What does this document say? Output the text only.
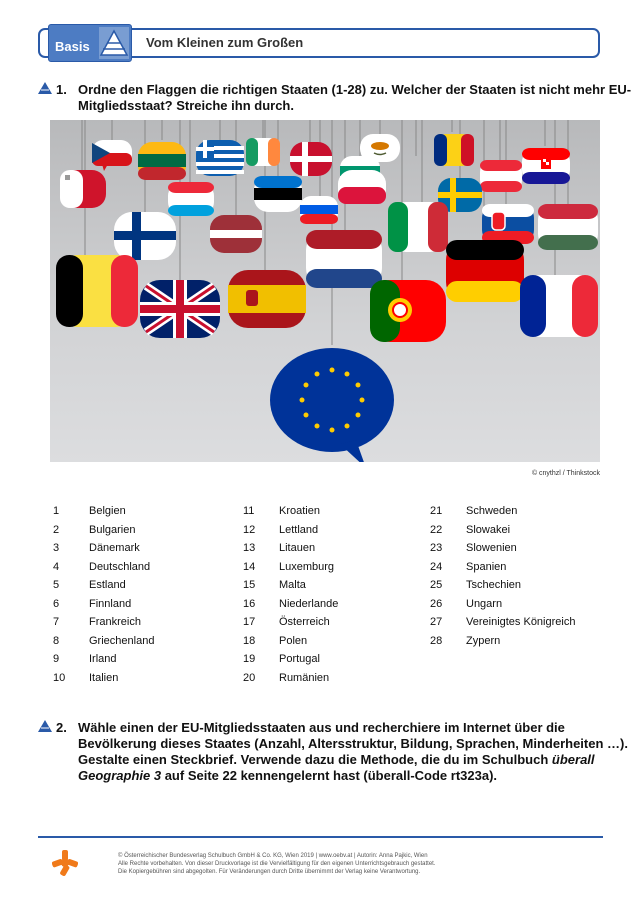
Basis	Vom Kleinen zum Großen
1. Ordne den Flaggen die richtigen Staaten (1-28) zu. Welcher der Staaten ist nicht mehr EU-Mitgliedsstaat? Streiche ihn durch.
© cnythzl / Thinkstock
1	Belgien
2	Bulgarien
3	Dänemark
4	Deutschland
5	Estland
6	Finnland
7	Frankreich
8	Griechenland
9	Irland
10 Italien
11 Kroatien
12 Lettland
13 Litauen
14 Luxemburg
15 Malta
16 Niederlande
17 Österreich
18 Polen
19 Portugal
20 Rumänien
21 Schweden
22 Slowakei
23 Slowenien
24 Spanien
25 Tschechien
26 Ungarn
27 Vereinigtes Königreich
28 Zypern
2. Wähle einen der EU-Mitgliedsstaaten aus und recherchiere im Internet über die Bevölkerung dieses Staates (Anzahl, Altersstruktur, Bildung, Sprachen, Minderheiten …). Gestalte einen Steckbrief. Verwende dazu die Methode, die du im Schulbuch überall Geographie 3 auf Seite 22 kennengelernt hast (überall-Code rt323a).
© Österreichischer Bundesverlag Schulbuch GmbH & Co. KG, Wien 2019 | www.oebv.at | Autorin: Anna Pajkic, Wien
Alle Rechte vorbehalten. Von dieser Druckvorlage ist die Vervielfältigung für den eigenen Unterrichtsgebrauch gestattet.
Die Kopiergebühren sind abgegolten. Für Veränderungen durch Dritte übernimmt der Verlag keine Verantwortung.
